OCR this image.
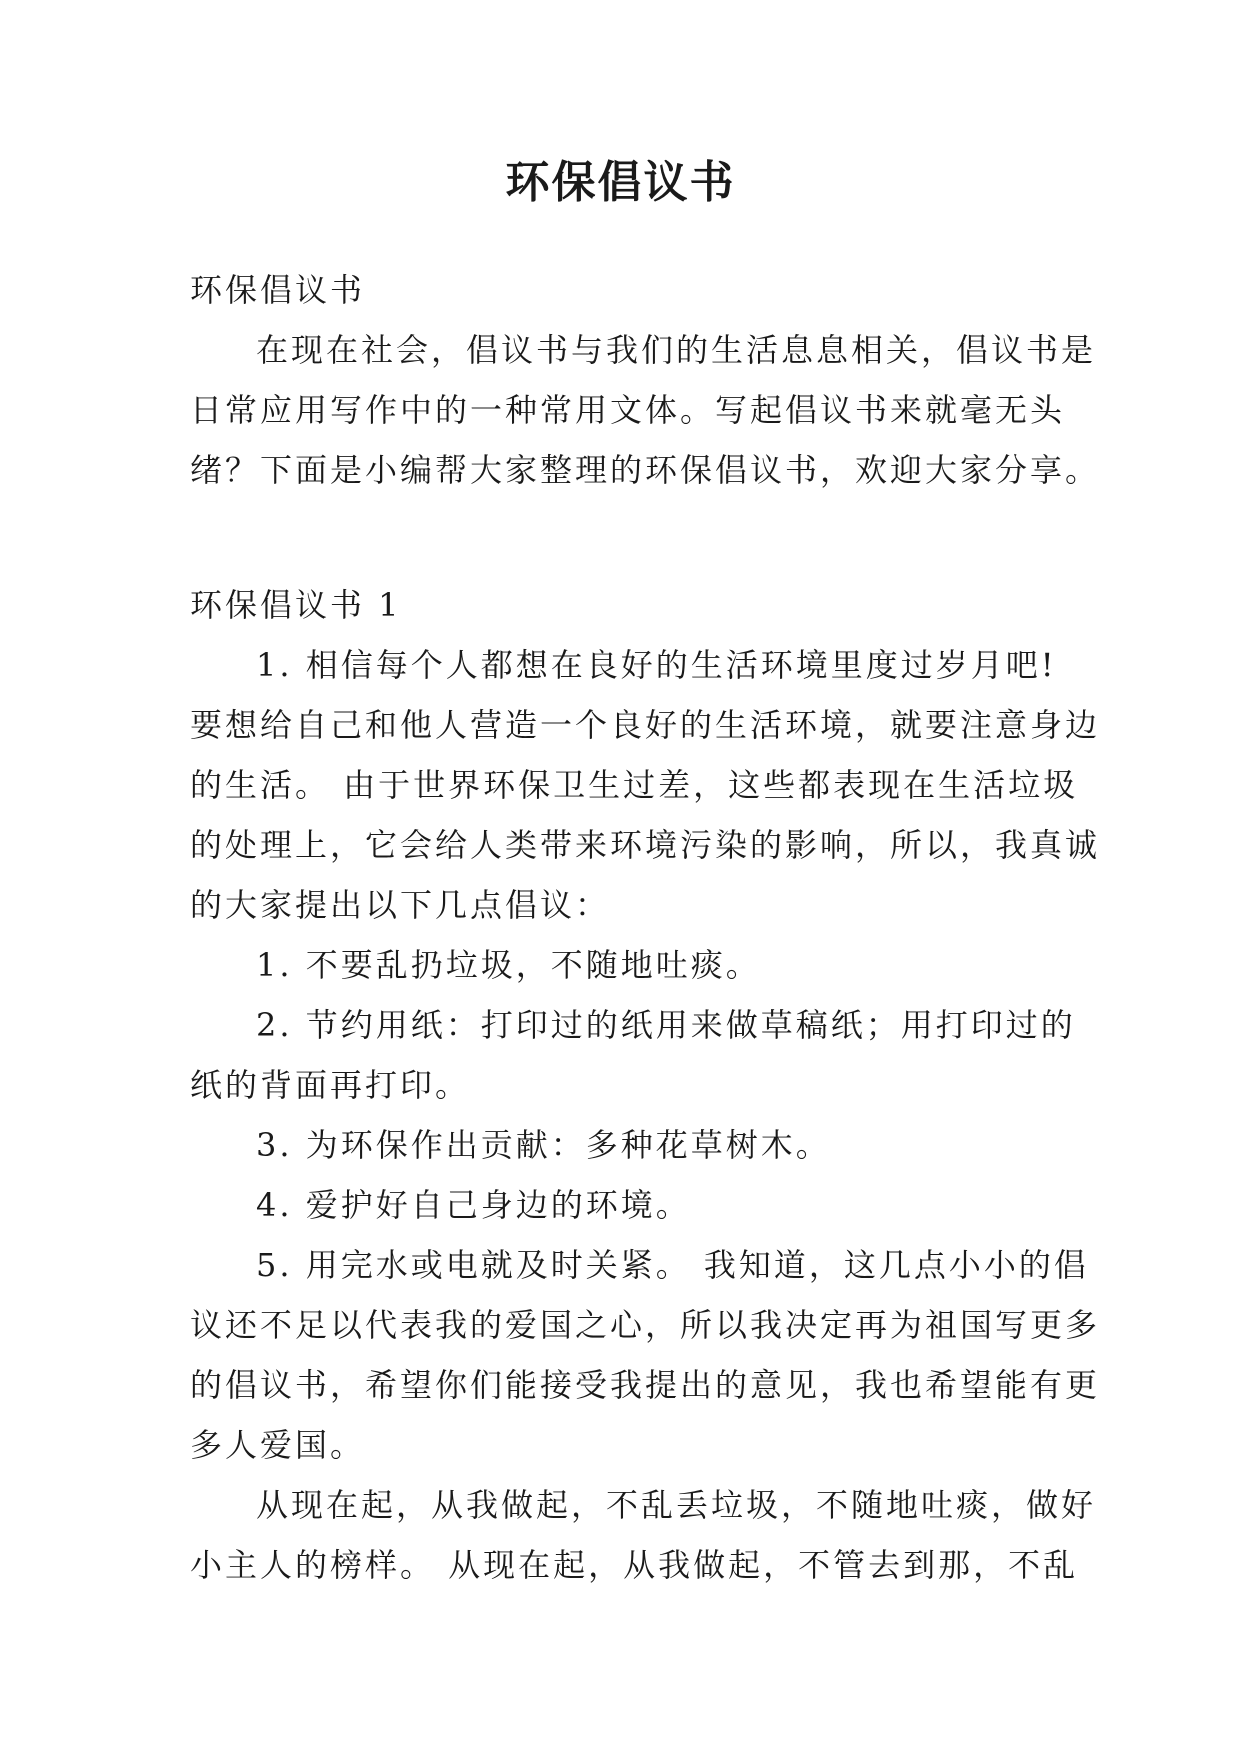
环保倡议书
环保倡议书
在现在社会，倡议书与我们的生活息息相关，倡议书是
日常应用写作中的一种常用文体。写起倡议书来就毫无头
绪？下面是小编帮大家整理的环保倡议书，欢迎大家分享。
环保倡议书 1
1. 相信每个人都想在良好的生活环境里度过岁月吧!
要想给自己和他人营造一个良好的生活环境，就要注意身边
的生活。 由于世界环保卫生过差，这些都表现在生活垃圾
的处理上，它会给人类带来环境污染的影响，所以，我真诚
的大家提出以下几点倡议：
1. 不要乱扔垃圾，不随地吐痰。
2. 节约用纸：打印过的纸用来做草稿纸；用打印过的
纸的背面再打印。
3. 为环保作出贡献：多种花草树木。
4. 爱护好自己身边的环境。
5. 用完水或电就及时关紧。 我知道，这几点小小的倡
议还不足以代表我的爱国之心，所以我决定再为祖国写更多
的倡议书，希望你们能接受我提出的意见，我也希望能有更
多人爱国。
从现在起，从我做起，不乱丢垃圾，不随地吐痰，做好
小主人的榜样。 从现在起，从我做起，不管去到那，不乱
